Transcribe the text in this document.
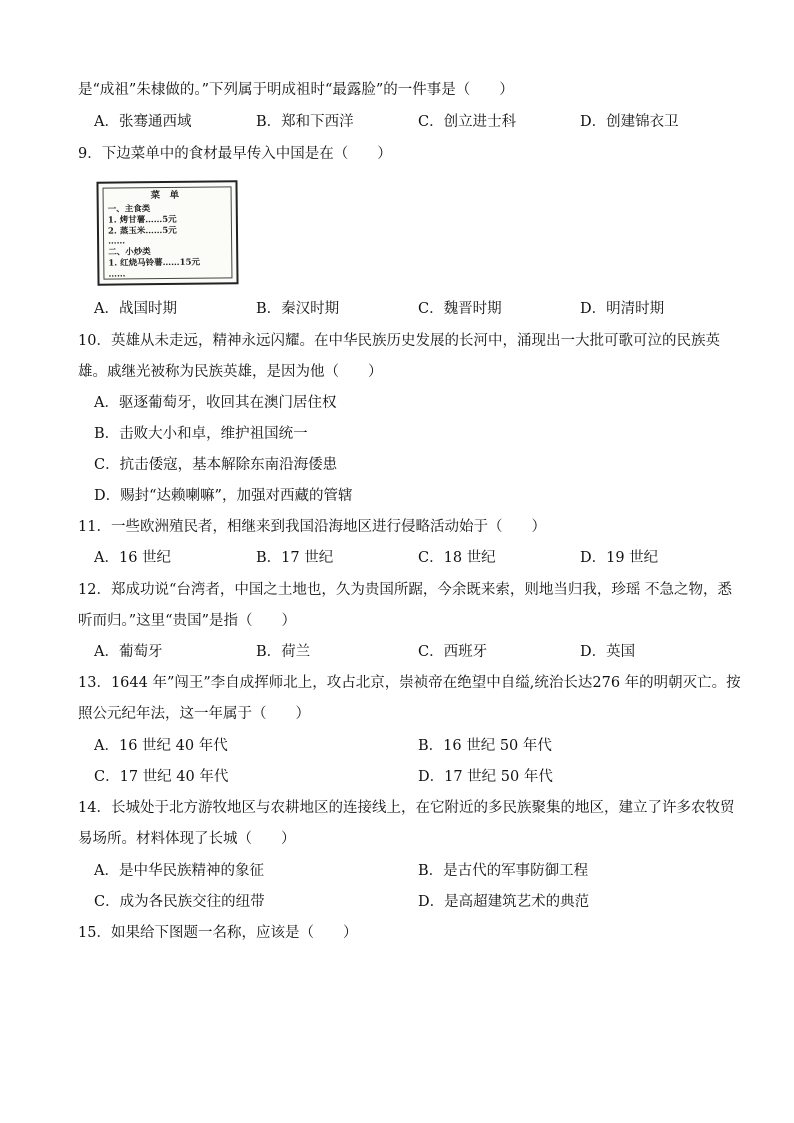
是“成祖”朱棣做的。”下列属于明成祖时“最露脸”的一件事是（　　）
A．张骞通西域	B．郑和下西洋	C．创立进士科	D．创建锦衣卫
9．下边菜单中的食材最早传入中国是在（　　）
菜　单
一、主食类
1. 烤甘薯……5元
2. 蒸玉米……5元
……
二、小炒类
1. 红烧马铃薯……15元
……
A．战国时期	B．秦汉时期	C．魏晋时期	D．明清时期
10．英雄从未走远，精神永远闪耀。在中华民族历史发展的长河中，涌现出一大批可歌可泣的民族英
雄。戚继光被称为民族英雄，是因为他（　　）
A．驱逐葡萄牙，收回其在澳门居住权
B．击败大小和卓，维护祖国统一
C．抗击倭寇，基本解除东南沿海倭患
D．赐封“达赖喇嘛”，加强对西藏的管辖
11．一些欧洲殖民者，相继来到我国沿海地区进行侵略活动始于（　　）
A．16 世纪	B．17 世纪	C．18 世纪	D．19 世纪
12．郑成功说“台湾者，中国之土地也，久为贵国所踞，今余既来索，则地当归我，珍瑶 不急之物，悉
听而归。”这里“贵国”是指（　　）
A．葡萄牙	B．荷兰	C．西班牙	D．英国
13．1644 年”闯王”李自成挥师北上，攻占北京，崇祯帝在绝望中自缢,统治长达276 年的明朝灭亡。按
照公元纪年法，这一年属于（　　）
A．16 世纪 40 年代	B．16 世纪 50 年代
C．17 世纪 40 年代	D．17 世纪 50 年代
14．长城处于北方游牧地区与农耕地区的连接线上，在它附近的多民族聚集的地区，建立了许多农牧贸
易场所。材料体现了长城（　　）
A．是中华民族精神的象征	B．是古代的军事防御工程
C．成为各民族交往的纽带	D．是高超建筑艺术的典范
15．如果给下图题一名称，应该是（　　）
